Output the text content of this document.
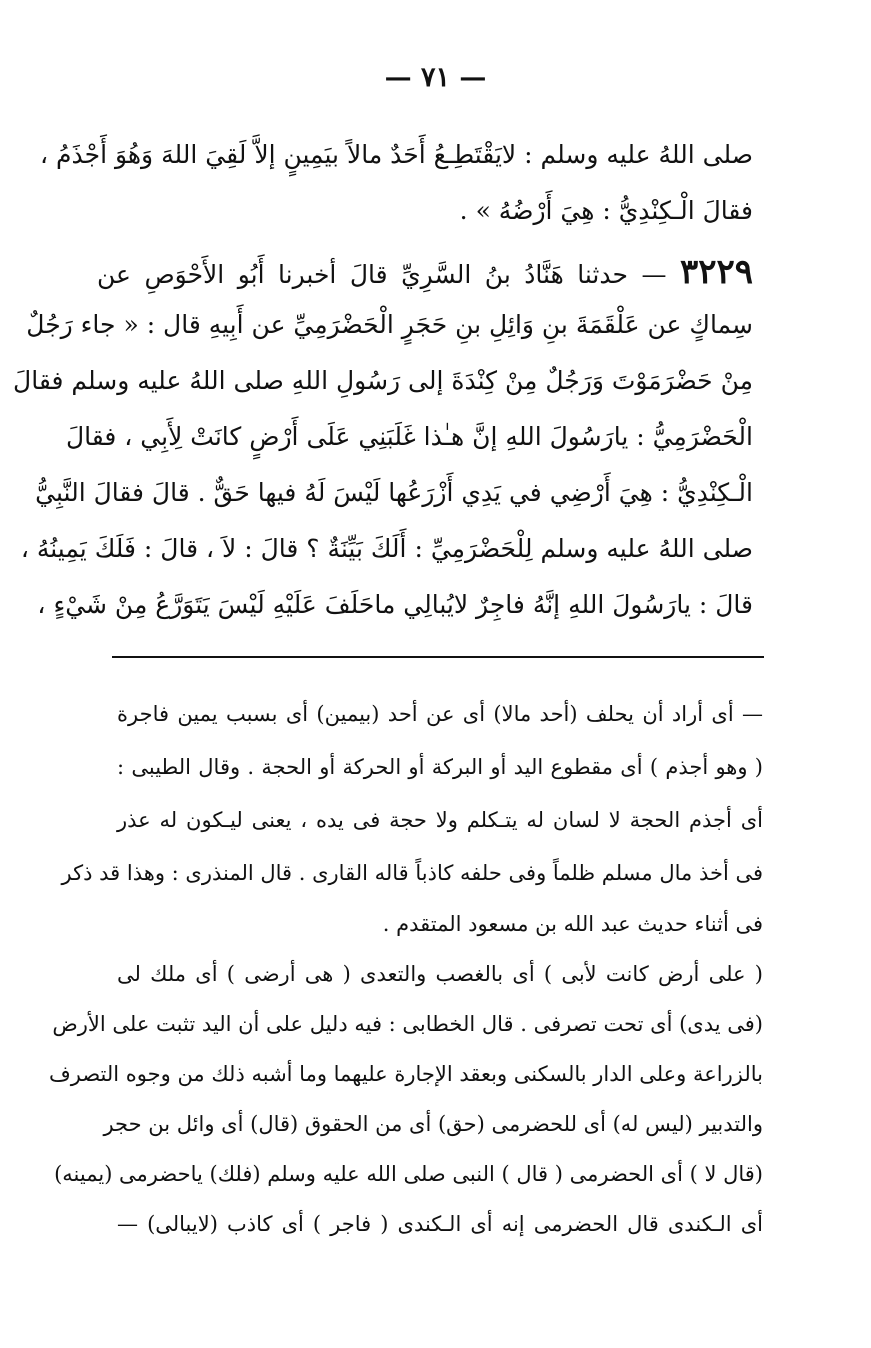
— ٧١ —
صلى اللهُ عليه وسلم : لايَقْتَطِـعُ أَحَدٌ مالاً بيَمِينٍ إلاَّ لَقِيَ اللهَ وَهُوَ أَجْذَمُ ،
فقالَ الْـكِنْدِيُّ : هِيَ أَرْضُهُ » .
٣٢٢٩ — حدثنا هَنَّادُ بنُ السَّرِيِّ قالَ أخبرنا أَبُو الأَحْوَصِ عن
سِماكٍ عن عَلْقَمَةَ بنِ وَائِلِ بنِ حَجَرٍ الْحَضْرَمِيِّ عن أَبِيهِ قال : « جاء رَجُلٌ
مِنْ حَضْرَمَوْتَ وَرَجُلٌ مِنْ كِنْدَةَ إلى رَسُولِ اللهِ صلى اللهُ عليه وسلم فقالَ
الْحَضْرَمِيُّ : يارَسُولَ اللهِ إنَّ هـٰذا غَلَبَنِي عَلَى أَرْضٍ كانَتْ لِأَبِي ، فقالَ
الْـكِنْدِيُّ : هِيَ أَرْضِي في يَدِي أَزْرَعُها لَيْسَ لَهُ فيها حَقٌّ . قالَ فقالَ النَّبِيُّ
صلى اللهُ عليه وسلم لِلْحَضْرَمِيِّ : أَلَكَ بَيِّنَةٌ ؟ قالَ : لاَ ، قالَ : فَلَكَ يَمِينُهُ ،
قالَ : يارَسُولَ اللهِ إنَّهُ فاجِرٌ لايُبالِي ماحَلَفَ عَلَيْهِ لَيْسَ يَتَوَرَّعُ مِنْ شَيْءٍ ،
— أى أراد أن يحلف (أحد مالا) أى عن أحد (بيمين) أى بسبب يمين فاجرة
( وهو أجذم ) أى مقطوع اليد أو البركة أو الحركة أو الحجة . وقال الطيبى :
أى أجذم الحجة لا لسان له يتـكلم ولا حجة فى يده ، يعنى ليـكون له عذر
فى أخذ مال مسلم ظلماً وفى حلفه كاذباً قاله القارى . قال المنذرى : وهذا قد ذكر
فى أثناء حديث عبد الله بن مسعود المتقدم .
( على أرض كانت لأبى ) أى بالغصب والتعدى ( هى أرضى ) أى ملك لى
(فى يدى) أى تحت تصرفى . قال الخطابى : فيه دليل على أن اليد تثبت على الأرض
بالزراعة وعلى الدار بالسكنى وبعقد الإجارة عليهما وما أشبه ذلك من وجوه التصرف
والتدبير (ليس له) أى للحضرمى (حق) أى من الحقوق (قال) أى وائل بن حجر
(قال لا ) أى الحضرمى ( قال ) النبى صلى الله عليه وسلم (فلك) ياحضرمى (يمينه)
أى الـكندى قال الحضرمى إنه أى الـكندى ( فاجر ) أى كاذب (لايبالى) —
